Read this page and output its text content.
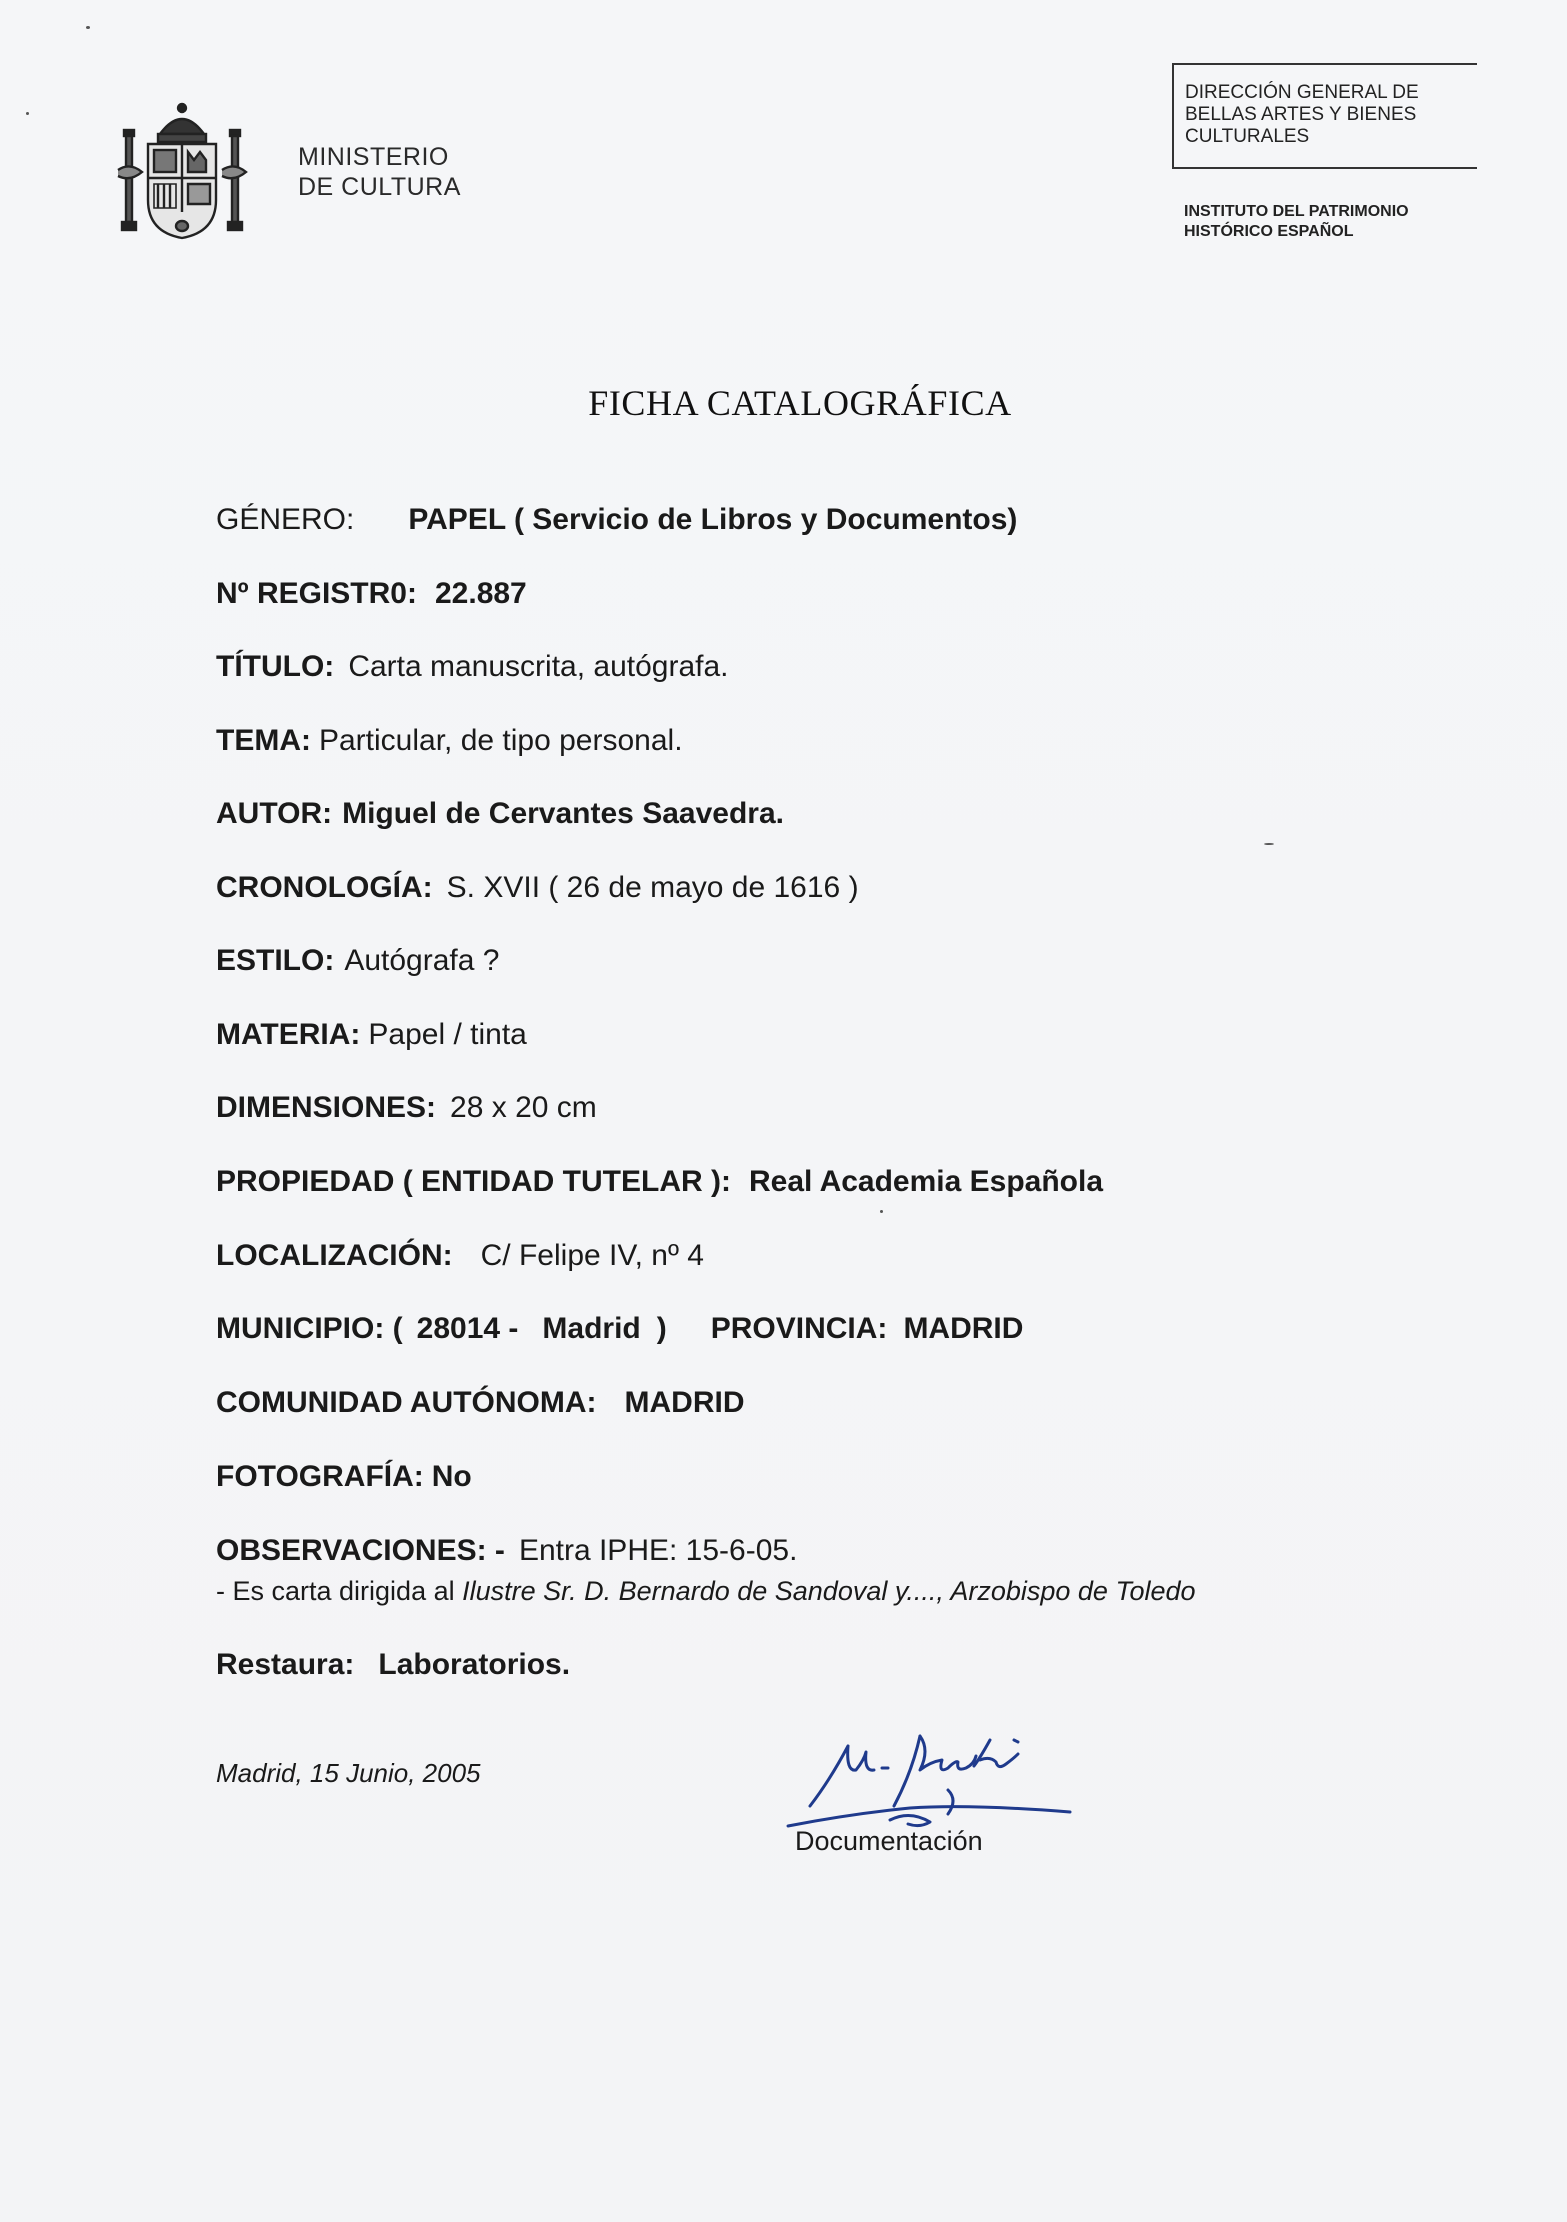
MINISTERIO
DE CULTURA
DIRECCIÓN GENERAL DE
BELLAS ARTES Y BIENES
CULTURALES
INSTITUTO DEL PATRIMONIO
HISTÓRICO ESPAÑOL
FICHA CATALOGRÁFICA
GÉNERO: PAPEL ( Servicio de Libros y Documentos)
Nº REGISTR0: 22.887
TÍTULO: Carta manuscrita, autógrafa.
TEMA: Particular, de tipo personal.
AUTOR: Miguel de Cervantes Saavedra.
CRONOLOGÍA: S. XVII ( 26 de mayo de 1616 )
ESTILO: Autógrafa ?
MATERIA: Papel / tinta
DIMENSIONES: 28 x 20 cm
PROPIEDAD ( ENTIDAD TUTELAR ): Real Academia Española
LOCALIZACIÓN: C/ Felipe IV, nº 4
MUNICIPIO: ( 28014 - Madrid ) PROVINCIA: MADRID
COMUNIDAD AUTÓNOMA: MADRID
FOTOGRAFÍA: No
OBSERVACIONES: - Entra IPHE: 15-6-05.
- Es carta dirigida al Ilustre Sr. D. Bernardo de Sandoval y...., Arzobispo de Toledo
Restaura: Laboratorios.
Madrid, 15 Junio, 2005
Documentación
